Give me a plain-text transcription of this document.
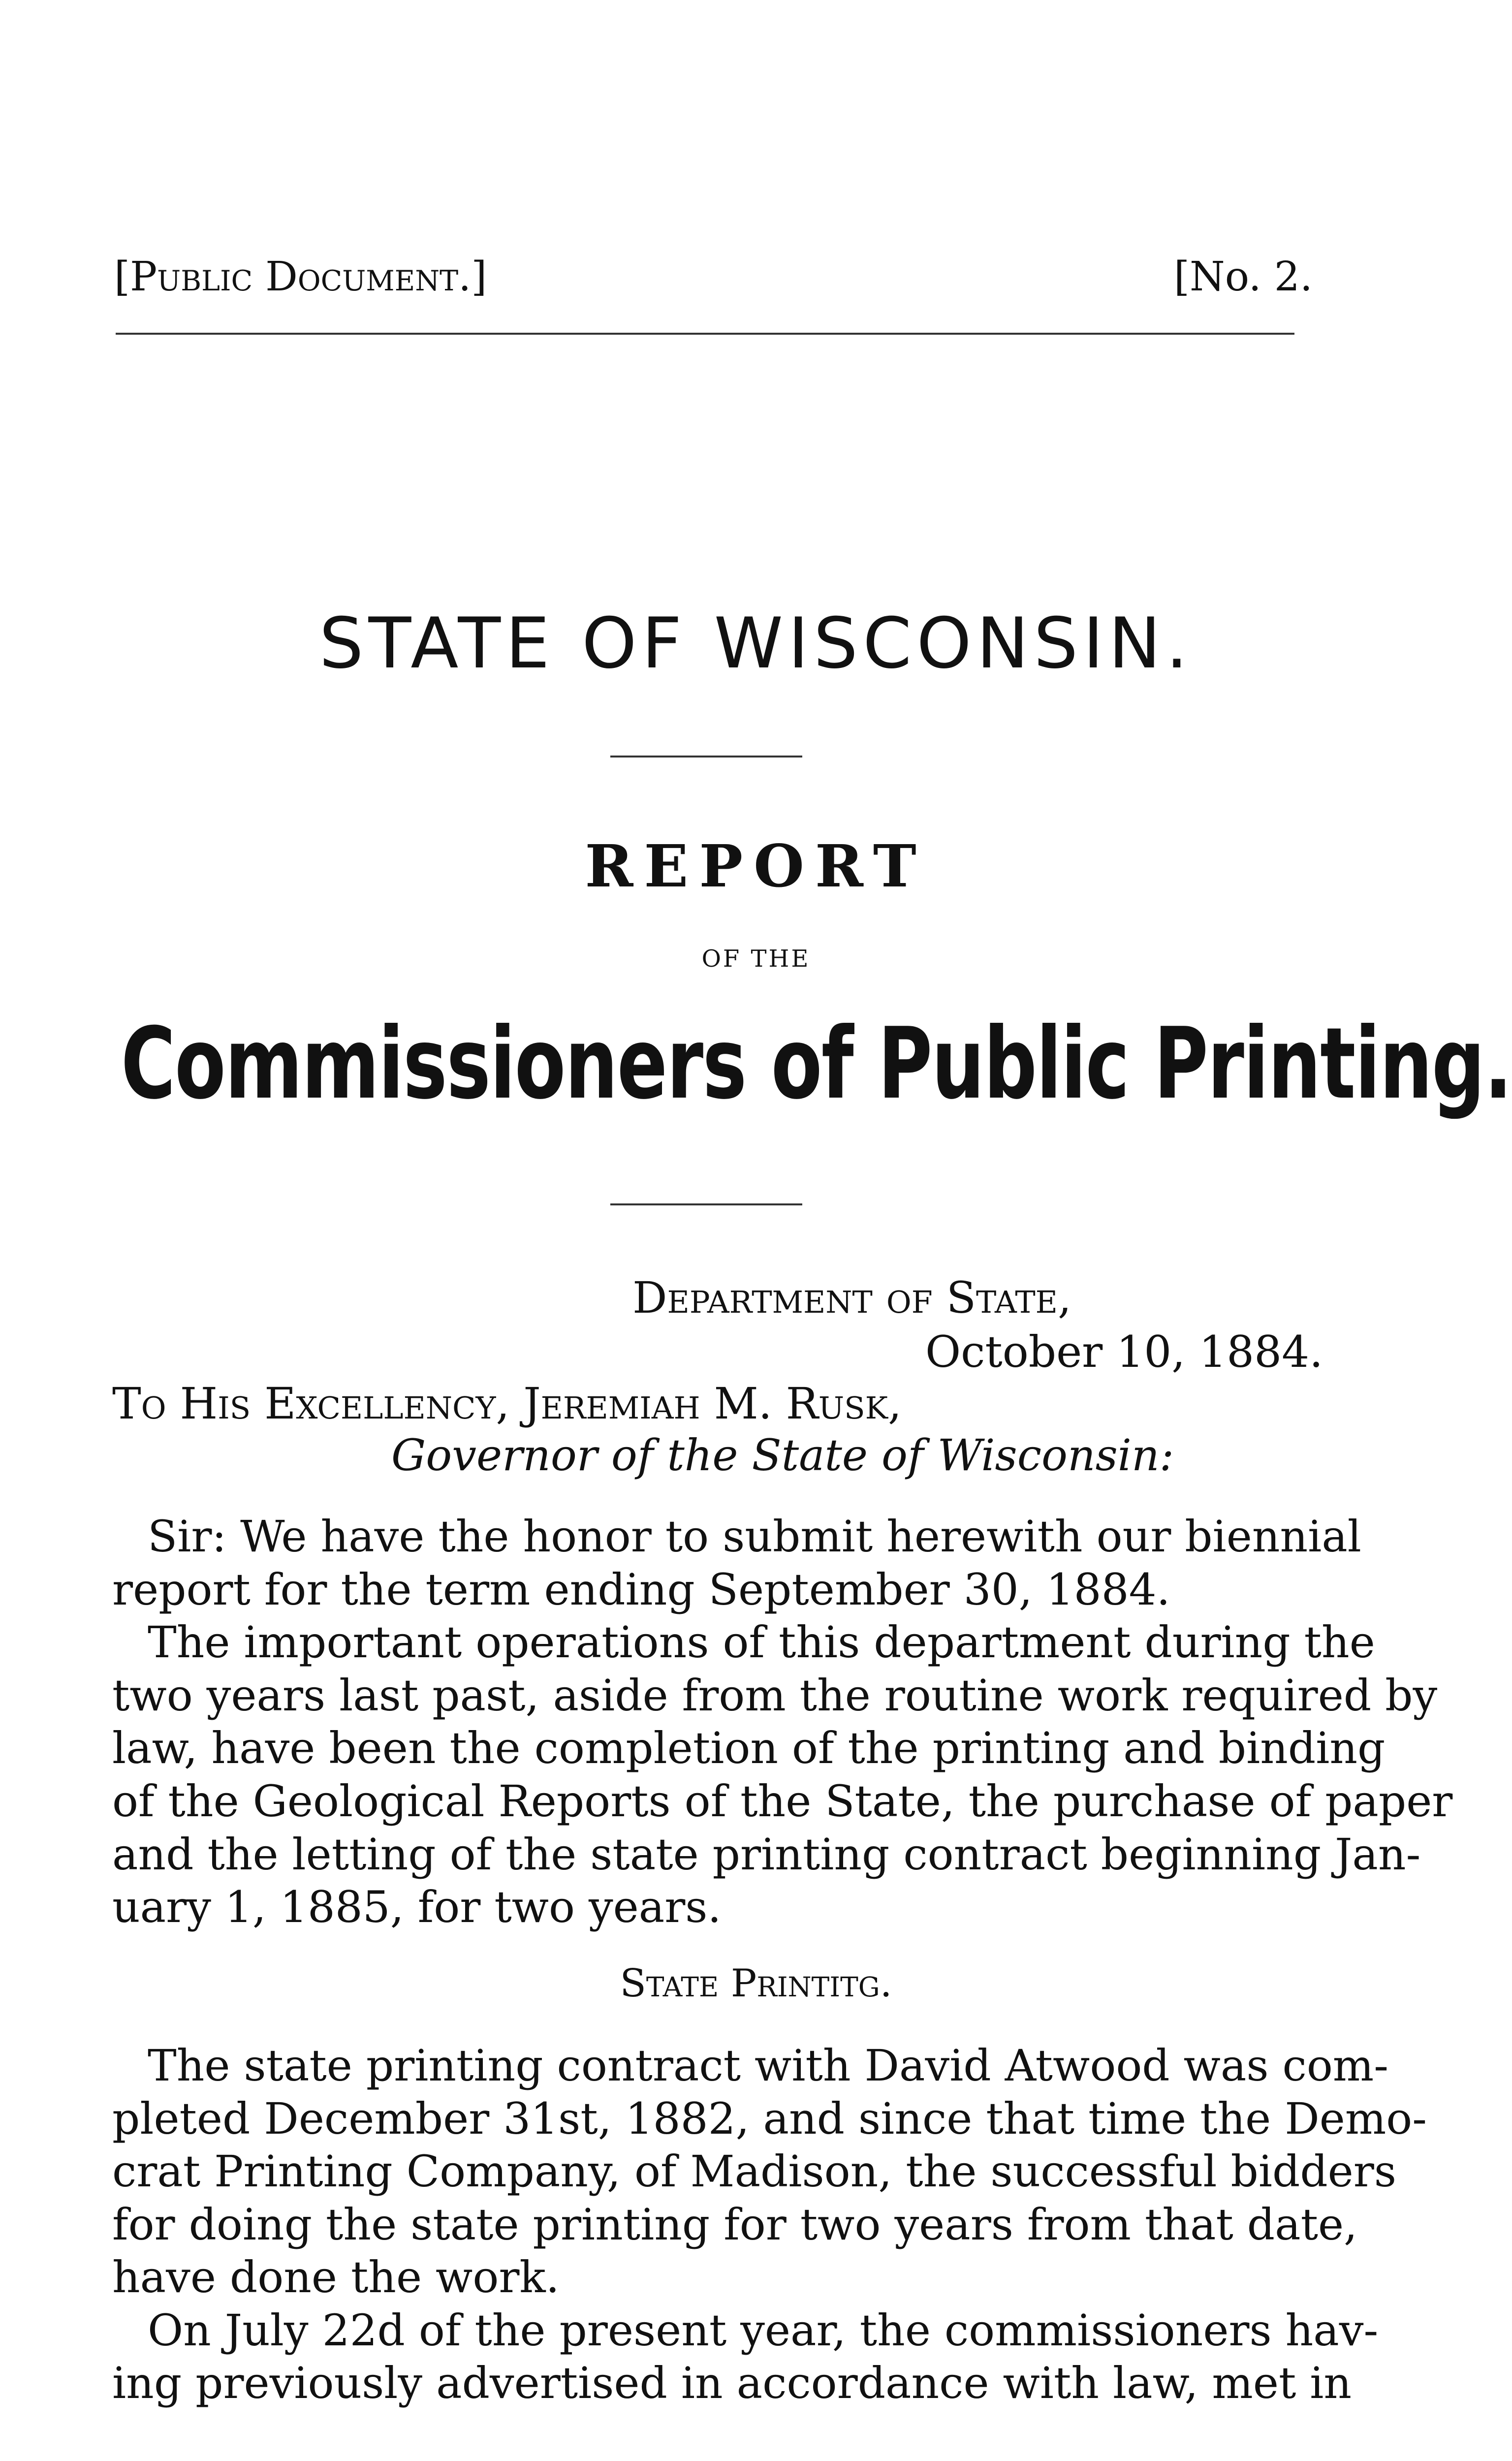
[Public Document.]	[No. 2.
STATE OF WISCONSIN.
REPORT
OF THE
Commissioners of Public Printing.
Department of State,
October 10, 1884.
To His Excellency, Jeremiah M. Rusk,
Governor of the State of Wisconsin:
Sir: We have the honor to submit herewith our biennial
report for the term ending September 30, 1884.
The important operations of this department during the
two years last past, aside from the routine work required by
law, have been the completion of the printing and binding
of the Geological Reports of the State, the purchase of paper
and the letting of the state printing contract beginning Jan-
uary 1, 1885, for two years.
State Printitg.
The state printing contract with David Atwood was com-
pleted December 31st, 1882, and since that time the Demo-
crat Printing Company, of Madison, the successful bidders
for doing the state printing for two years from that date,
have done the work.
On July 22d of the present year, the commissioners hav-
ing previously advertised in accordance with law, met in
